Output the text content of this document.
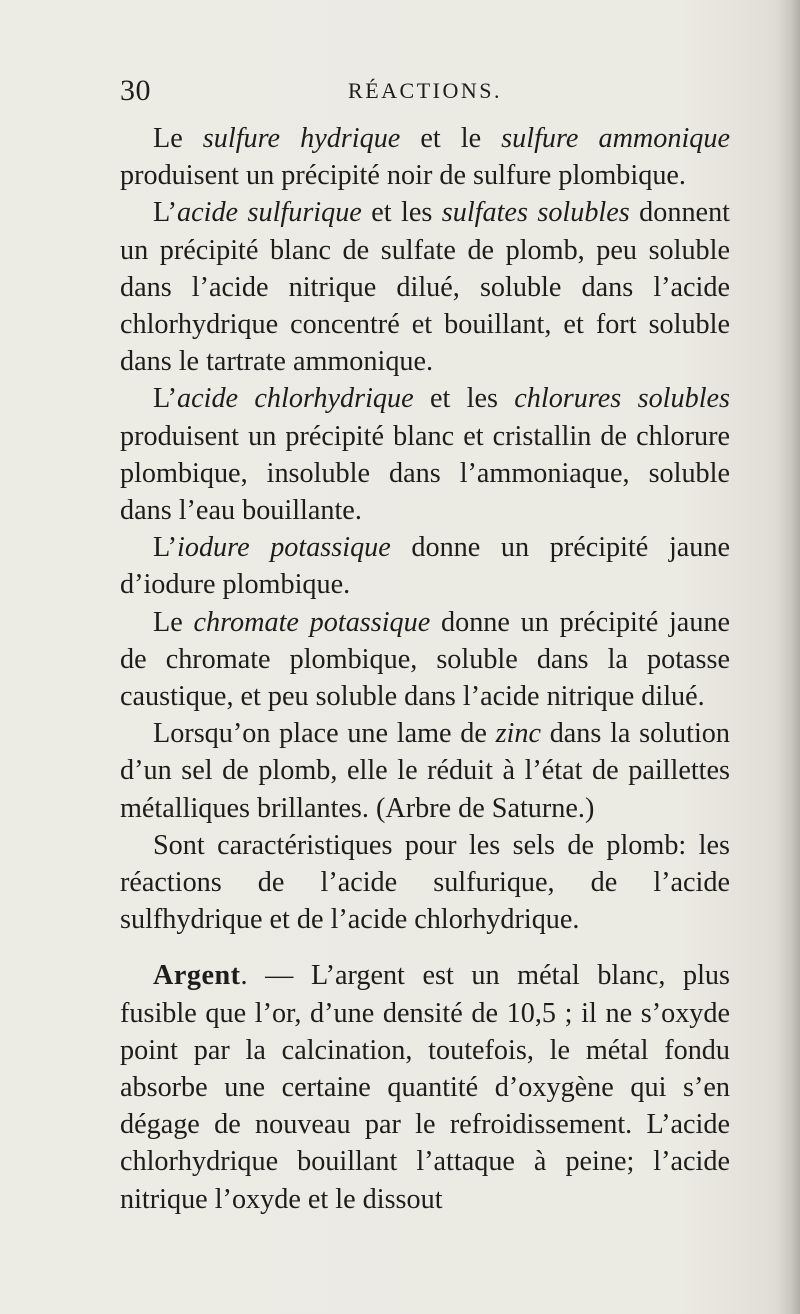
30	RÉACTIONS.

Le sulfure hydrique et le sulfure ammonique produisent un précipité noir de sulfure plombique.

L’acide sulfurique et les sulfates solubles donnent un précipité blanc de sulfate de plomb, peu soluble dans l’acide nitrique dilué, soluble dans l’acide chlorhydrique concentré et bouillant, et fort soluble dans le tartrate ammonique.

L’acide chlorhydrique et les chlorures solubles produisent un précipité blanc et cristallin de chlorure plombique, insoluble dans l’ammoniaque, soluble dans l’eau bouillante.

L’iodure potassique donne un précipité jaune d’iodure plombique.

Le chromate potassique donne un précipité jaune de chromate plombique, soluble dans la potasse caustique, et peu soluble dans l’acide nitrique dilué.

Lorsqu’on place une lame de zinc dans la solution d’un sel de plomb, elle le réduit à l’état de paillettes métalliques brillantes. (Arbre de Saturne.)

Sont caractéristiques pour les sels de plomb: les réactions de l’acide sulfurique, de l’acide sulfhydrique et de l’acide chlorhydrique.

Argent. — L’argent est un métal blanc, plus fusible que l’or, d’une densité de 10,5 ; il ne s’oxyde point par la calcination, toutefois, le métal fondu absorbe une certaine quantité d’oxygène qui s’en dégage de nouveau par le refroidissement. L’acide chlorhydrique bouillant l’attaque à peine; l’acide nitrique l’oxyde et le dissout
